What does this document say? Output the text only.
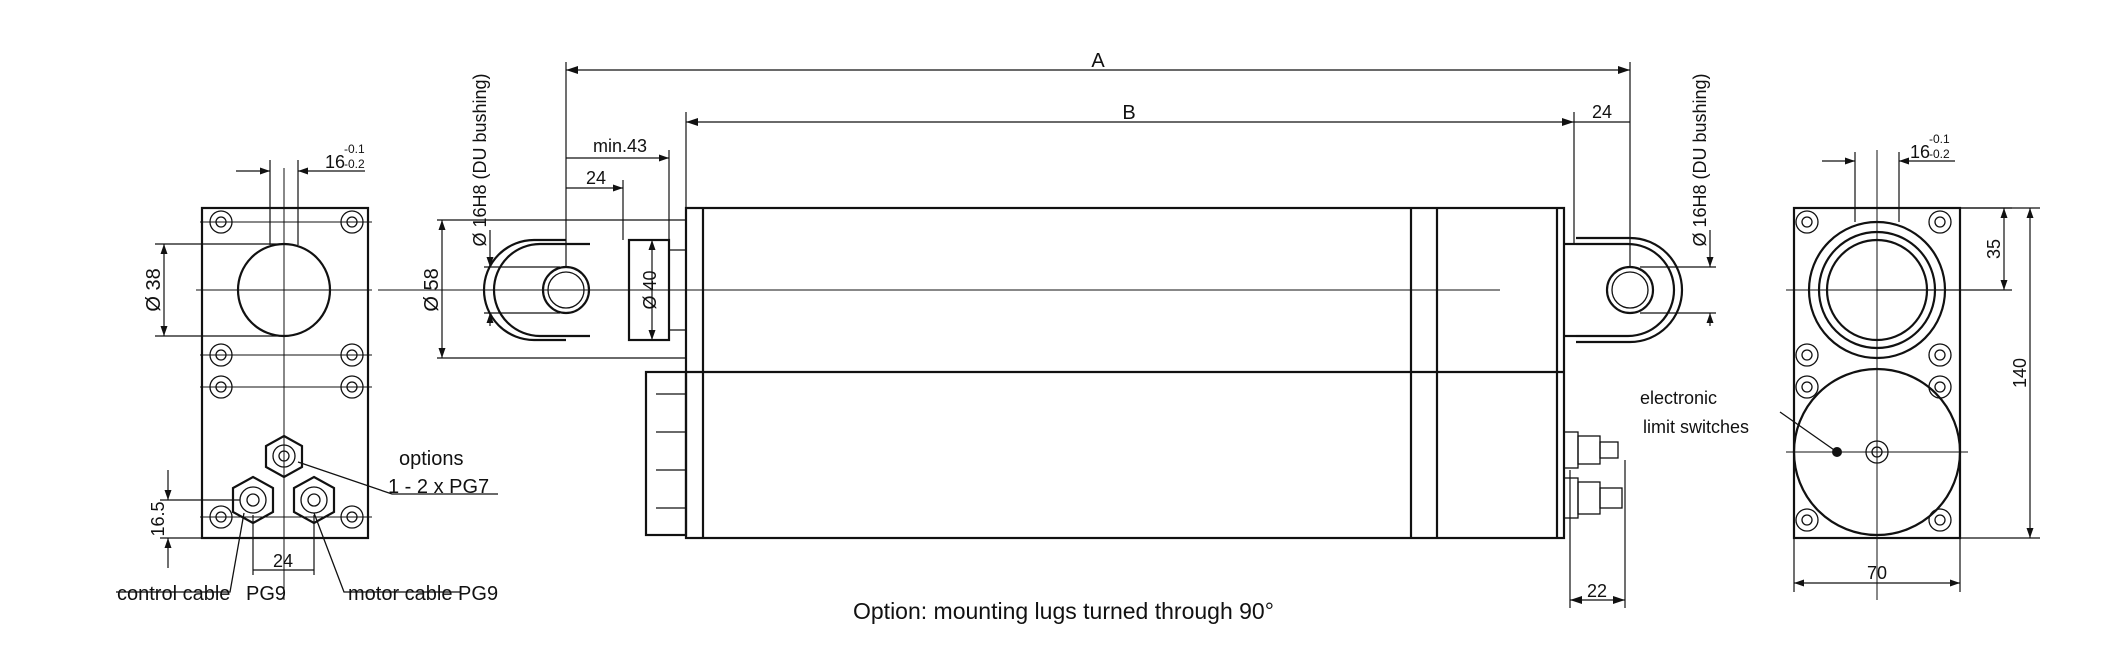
16
-0.1
-0.2
Ø 38
16.5
24
control cable PG9	motor cable PG9
options
1 - 2 x PG7
A
B	24
min.43
24
Ø 58
Ø 16H8 (DU bushing)
Ø 40
Ø 16H8 (DU bushing)
22
Option: mounting lugs turned through 90°
electronic
limit switches
16
-0.1
-0.2
35
140
70
